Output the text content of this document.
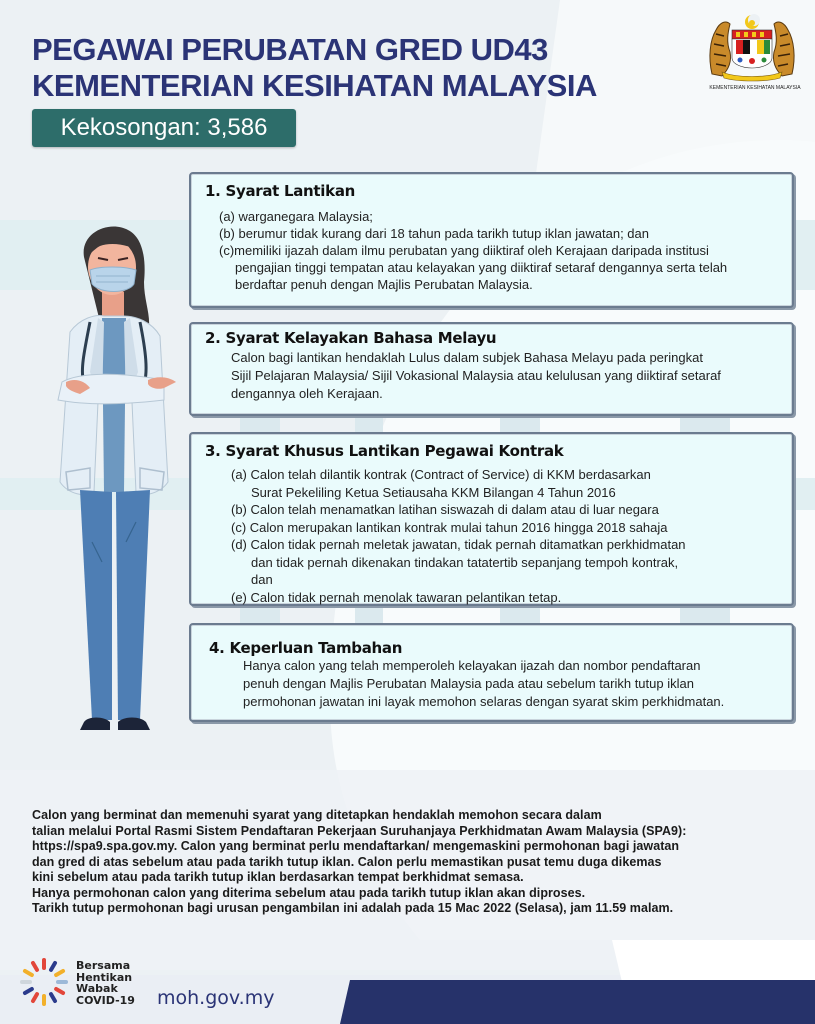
PEGAWAI PERUBATAN GRED UD43
KEMENTERIAN KESIHATAN MALAYSIA
Kekosongan: 3,586
KEMENTERIAN KESIHATAN MALAYSIA
1. Syarat Lantikan
(a) warganegara Malaysia;
(b) berumur tidak kurang dari 18 tahun pada tarikh tutup iklan jawatan; dan
(c)memiliki ijazah dalam ilmu perubatan yang diiktiraf oleh Kerajaan daripada institusi
pengajian tinggi tempatan atau kelayakan yang diiktiraf setaraf dengannya serta telah
berdaftar penuh dengan Majlis Perubatan Malaysia.
2. Syarat Kelayakan Bahasa Melayu
Calon bagi lantikan hendaklah Lulus dalam subjek Bahasa Melayu pada peringkat
Sijil Pelajaran Malaysia/ Sijil Vokasional Malaysia atau kelulusan yang diiktiraf setaraf
dengannya oleh Kerajaan.
3. Syarat Khusus Lantikan Pegawai Kontrak
(a) Calon telah dilantik kontrak (Contract of Service) di KKM berdasarkan
Surat Pekeliling Ketua Setiausaha KKM Bilangan 4 Tahun 2016
(b) Calon telah menamatkan latihan siswazah di dalam atau di luar negara
(c) Calon merupakan lantikan kontrak mulai tahun 2016 hingga 2018 sahaja
(d) Calon tidak pernah meletak jawatan, tidak pernah ditamatkan perkhidmatan
dan tidak pernah dikenakan tindakan tatatertib sepanjang tempoh kontrak,
dan
(e) Calon tidak pernah menolak tawaran pelantikan tetap.
4. Keperluan Tambahan
Hanya calon yang telah memperoleh kelayakan ijazah dan nombor pendaftaran
penuh dengan Majlis Perubatan Malaysia pada atau sebelum tarikh tutup iklan
permohonan jawatan ini layak memohon selaras dengan syarat skim perkhidmatan.
Calon yang berminat dan memenuhi syarat yang ditetapkan hendaklah memohon secara dalam
talian melalui Portal Rasmi Sistem Pendaftaran Pekerjaan Suruhanjaya Perkhidmatan Awam Malaysia (SPA9):
https://spa9.spa.gov.my. Calon yang berminat perlu mendaftarkan/ mengemaskini permohonan bagi jawatan
dan gred di atas sebelum atau pada tarikh tutup iklan. Calon perlu memastikan pusat temu duga dikemas
kini sebelum atau pada tarikh tutup iklan berdasarkan tempat berkhidmat semasa.
Hanya permohonan calon yang diterima sebelum atau pada tarikh tutup iklan akan diproses.
Tarikh tutup permohonan bagi urusan pengambilan ini adalah pada 15 Mac 2022 (Selasa), jam 11.59 malam.
Bersama
Hentikan
Wabak
COVID-19 moh.gov.my
